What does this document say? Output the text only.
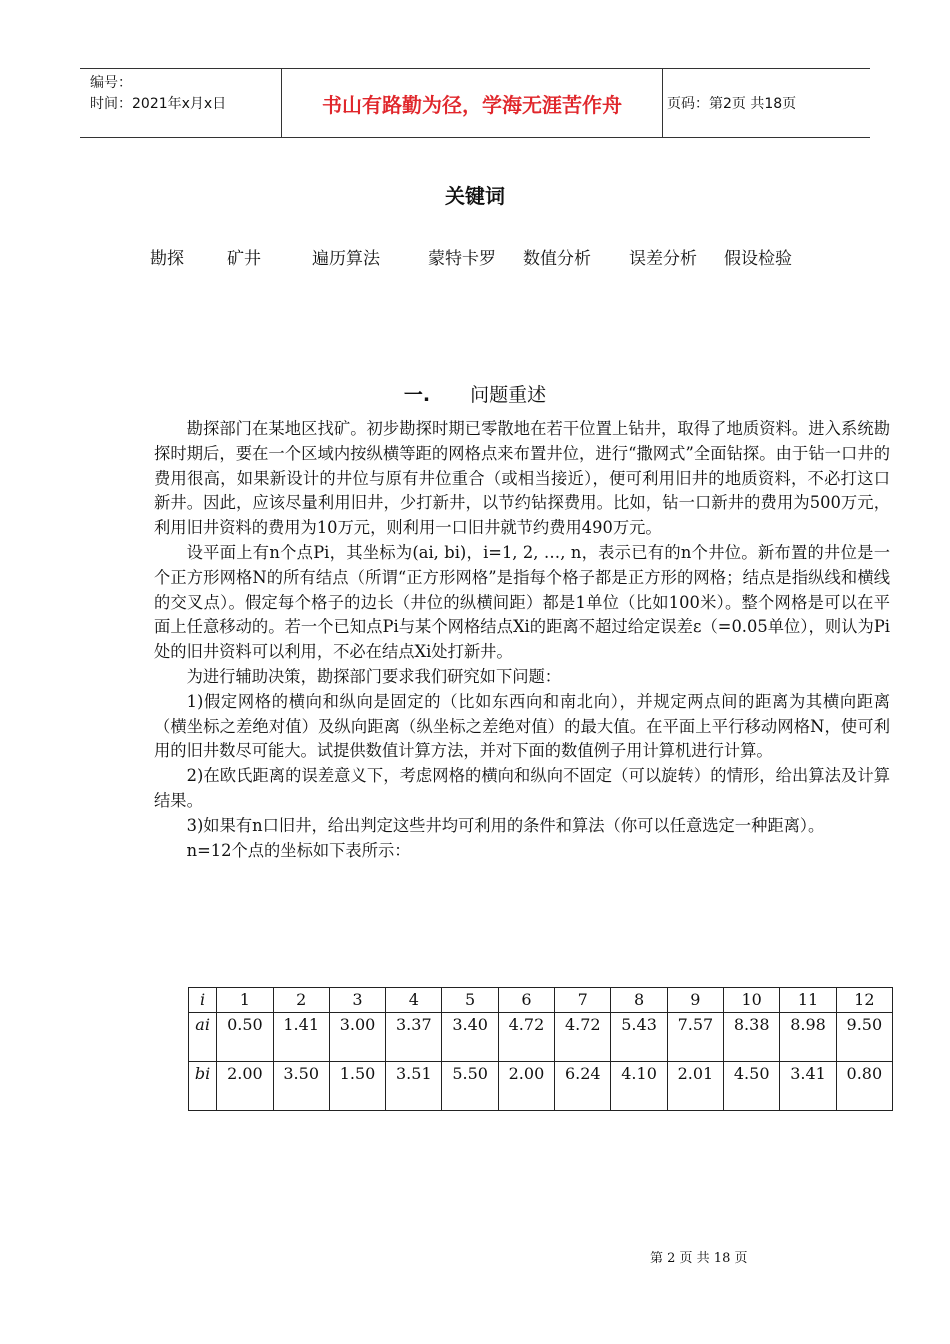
编号：
时间：2021年x月x日	书山有路勤为径，学海无涯苦作舟	页码：第2页 共18页
关键词
勘探	矿井	遍历算法	蒙特卡罗 数值分析 误差分析 假设检验
一. 问题重述

勘探部门在某地区找矿。初步勘探时期已零散地在若干位置上钻井，取得了地质资料。进入系统勘探时期后，要在一个区域内按纵横等距的网格点来布置井位，进行“撒网式”全面钻探。由于钻一口井的费用很高，如果新设计的井位与原有井位重合（或相当接近），便可利用旧井的地质资料，不必打这口新井。因此，应该尽量利用旧井，少打新井，以节约钻探费用。比如，钻一口新井的费用为500万元，利用旧井资料的费用为10万元，则利用一口旧井就节约费用490万元。

设平面上有n个点Pi，其坐标为(ai, bi)，i=1, 2, …, n，表示已有的n个井位。新布置的井位是一个正方形网格N的所有结点（所谓“正方形网格”是指每个格子都是正方形的网格；结点是指纵线和横线的交叉点）。假定每个格子的边长（井位的纵横间距）都是1单位（比如100米）。整个网格是可以在平面上任意移动的。若一个已知点Pi与某个网格结点Xi的距离不超过给定误差ε（=0.05单位），则认为Pi处的旧井资料可以利用，不必在结点Xi处打新井。

为进行辅助决策，勘探部门要求我们研究如下问题：

1)假定网格的横向和纵向是固定的（比如东西向和南北向），并规定两点间的距离为其横向距离（横坐标之差绝对值）及纵向距离（纵坐标之差绝对值）的最大值。在平面上平行移动网格N，使可利用的旧井数尽可能大。试提供数值计算方法，并对下面的数值例子用计算机进行计算。

2)在欧氏距离的误差意义下，考虑网格的横向和纵向不固定（可以旋转）的情形，给出算法及计算结果。

3)如果有n口旧井，给出判定这些井均可利用的条件和算法（你可以任意选定一种距离）。

n=12个点的坐标如下表所示：

i	1	2	3	4	5	6	7	8	9	10	11	12
ai	0.50	1.41	3.00	3.37	3.40	4.72	4.72	5.43	7.57	8.38	8.98	9.50
bi	2.00	3.50	1.50	3.51	5.50	2.00	6.24	4.10	2.01	4.50	3.41	0.80
第 2 页 共 18 页
